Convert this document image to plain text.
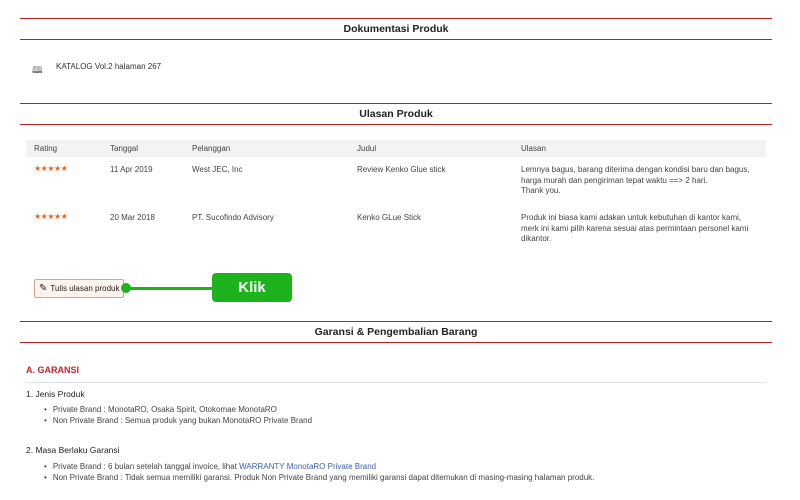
Dokumentasi Produk
🕮 KATALOG Vol.2 halaman 267
Ulasan Produk
Rating	Tanggal	Pelanggan	Judul	Ulasan
★★★★★	11 Apr 2019	West JEC, Inc	Review Kenko Glue stick	Lemnya bagus, barang diterima dengan kondisi baru dan bagus, harga murah dan pengiriman tepat waktu ==> 2 hari.
Thank you.
★★★★★	20 Mar 2018	PT. Sucofindo Advisory	Kenko GLue Stick	Produk ini biasa kami adakan untuk kebutuhan di kantor kami, merk ini kami pilih karena sesuai atas permintaan personel kami dikantor.
✎ Tulis ulasan produk	Klik
Garansi & Pengembalian Barang
A. GARANSI
1. Jenis Produk
• Private Brand : MonotaRO, Osaka Spirit, Otokomae MonotaRO
• Non Private Brand : Semua produk yang bukan MonotaRO Private Brand
2. Masa Berlaku Garansi
• Private Brand : 6 bulan setelah tanggal invoice, lihat WARRANTY MonotaRO Private Brand
• Non Private Brand : Tidak semua memiliki garansi. Produk Non Private Brand yang memiliki garansi dapat ditemukan di masing-masing halaman produk.
